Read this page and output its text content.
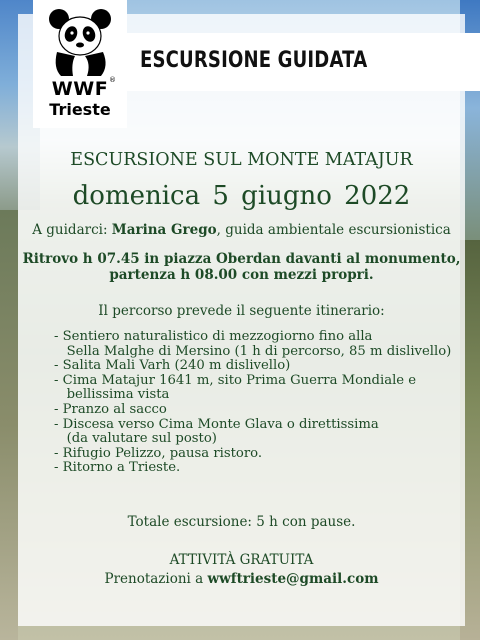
ESCURSIONE GUIDATA
WWF ®
Trieste
ESCURSIONE SUL MONTE MATAJUR
domenica 5 giugno 2022
A guidarci: Marina Grego, guida ambientale escursionistica
Ritrovo h 07.45 in piazza Oberdan davanti al monumento,
partenza h 08.00 con mezzi propri.
Il percorso prevede il seguente itinerario:
- Sentiero naturalistico di mezzogiorno fino alla
Sella Malghe di Mersino (1 h di percorso, 85 m dislivello)
- Salita Mali Varh (240 m dislivello)
- Cima Matajur 1641 m, sito Prima Guerra Mondiale e
bellissima vista
- Pranzo al sacco
- Discesa verso Cima Monte Glava o direttissima
(da valutare sul posto)
- Rifugio Pelizzo, pausa ristoro.
- Ritorno a Trieste.
Totale escursione: 5 h con pause.
ATTIVITÀ GRATUITA
Prenotazioni a wwftrieste@gmail.com
